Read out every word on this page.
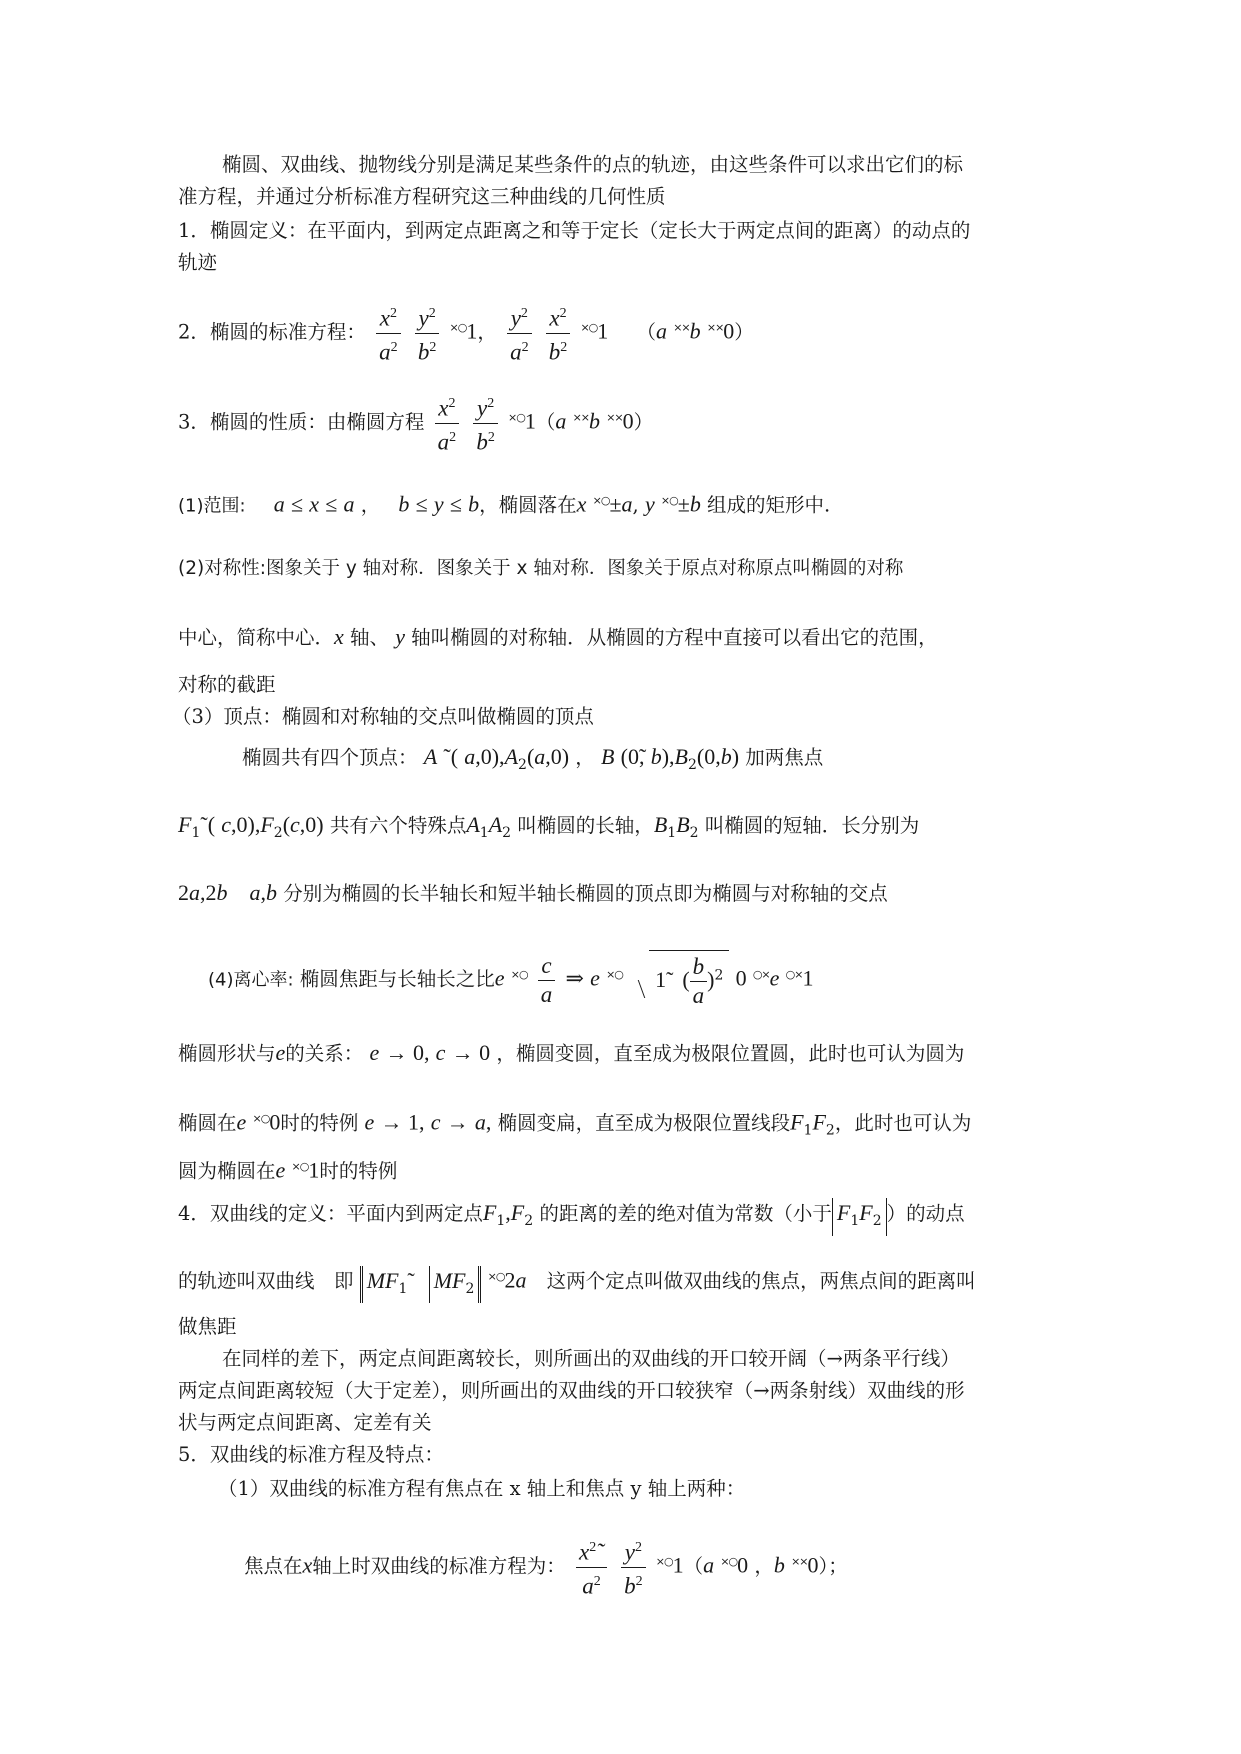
椭圆、双曲线、抛物线分别是满足某些条件的点的轨迹，由这些条件可以求出它们的标
准方程，并通过分析标准方程研究这三种曲线的几何性质
1．椭圆定义：在平面内，到两定点距离之和等于定长（定长大于两定点间的距离）的动点的
轨迹
2．椭圆的标准方程： $\frac{x^2}{a^2}$
$\frac{y^2}{b^2} ^{\times○}1$， $\frac{y^2}{a^2}$
$\frac{x^2}{b^2} ^{\times○}1$ （a ××b ××0）
3．椭圆的性质：由椭圆方程 $\frac{x^2}{a^2}$
$\frac{y^2}{b^2} ^{\times○}1(a$ ××b ××0）
(1)范围: a ≤ x ≤ a ， b ≤ y ≤ b，椭圆落在x ×○±a, y ×○±b 组成的矩形中.
(2)对称性:图象关于 y 轴对称．图象关于 x 轴对称．图象关于原点对称原点叫椭圆的对称
中心，简称中心．x 轴、 y 轴叫椭圆的对称轴．从椭圆的方程中直接可以看出它的范围，
对称的截距
（3）顶点：椭圆和对称轴的交点叫做椭圆的顶点
椭圆共有四个顶点： A ˜( $a,0),A_2(a,0)$ ， B (0̃, $b),B_2(0,b)$ 加两焦点
$F_1˜$( $c,0),F_2(c,0)$ 共有六个特殊点$A_1A_2$ 叫椭圆的长轴，$B_1B_2$ 叫椭圆的短轴．长分别为
2a,2b a,b 分别为椭圆的长半轴长和短半轴长椭圆的顶点即为椭圆与对称轴的交点
(4)离心率: 椭圆焦距与长轴长之比e $^{\times○} \frac{c}{a}$ ⇒ e ×○ 1̃ ( $\frac{b}{a} )^2$ 0 ○×e ○×1
椭圆形状与e的关系： e → 0, c → 0 ，椭圆变圆，直至成为极限位置圆，此时也可认为圆为
椭圆在e ×○0时的特例 e → 1, c → a, 椭圆变扁，直至成为极限位置线段$F_1F_2$，此时也可认为
圆为椭圆在e ×○1时的特例
4．双曲线的定义：平面内到两定点$F_1,F_2$ 的距离的差的绝对值为常数（小于 $F_1F_2$ ）的动点
的轨迹叫双曲线　即 $MF_1˜$ $MF_2$ ×○2a 这两个定点叫做双曲线的焦点，两焦点间的距离叫
做焦距
在同样的差下，两定点间距离较长，则所画出的双曲线的开口较开阔（→两条平行线）
两定点间距离较短（大于定差），则所画出的双曲线的开口较狭窄（→两条射线）双曲线的形
状与两定点间距离、定差有关
5．双曲线的标准方程及特点：
（1）双曲线的标准方程有焦点在 x 轴上和焦点 y 轴上两种：
焦点在x轴上时双曲线的标准方程为： $\frac{x^2˜}{a^2}$
$\frac{y^2}{b^2} ^{\times○}1(a$ ×○0 ，b ××0）；
